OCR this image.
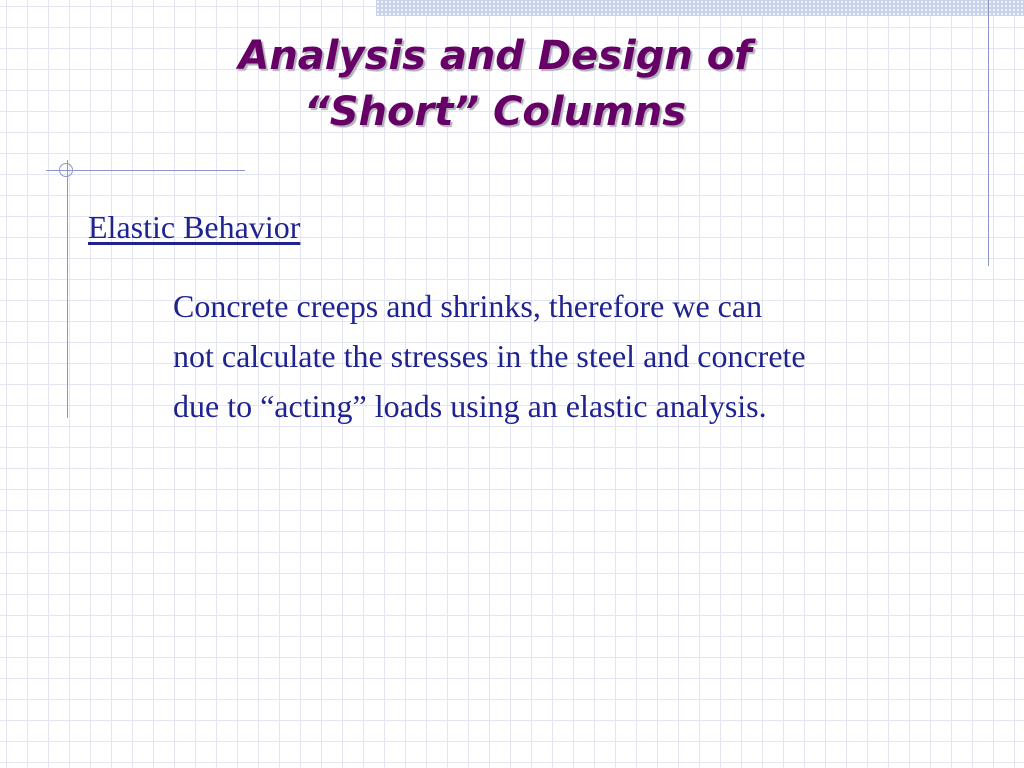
Analysis and Design of
“Short” Columns
Elastic Behavior

Concrete creeps and shrinks, therefore we can
not calculate the stresses in the steel and concrete
due to “acting” loads using an elastic analysis.
